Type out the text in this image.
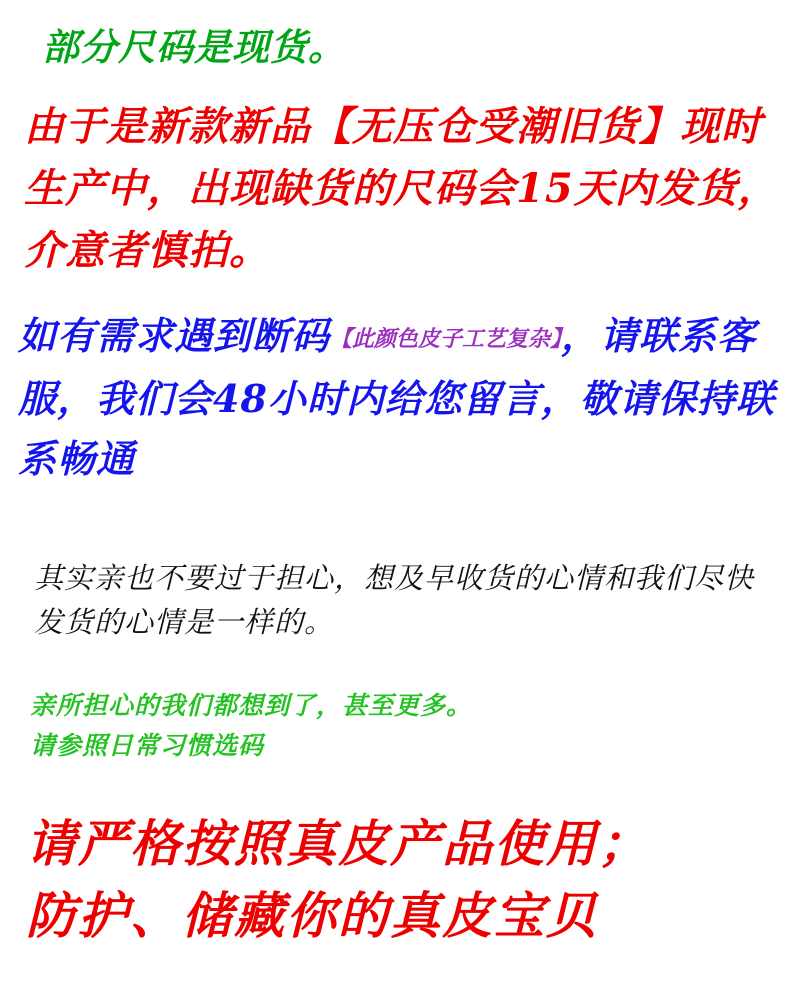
部分尺码是现货。
由于是新款新品【无压仓受潮旧货】现时生产中，出现缺货的尺码会15天内发货，介意者慎拍。
如有需求遇到断码【此颜色皮子工艺复杂】，请联系客服，我们会48小时内给您留言，敬请保持联系畅通
其实亲也不要过于担心，想及早收货的心情和我们尽快发货的心情是一样的。
亲所担心的我们都想到了，甚至更多。
请参照日常习惯选码
请严格按照真皮产品使用；
防护、储藏你的真皮宝贝
